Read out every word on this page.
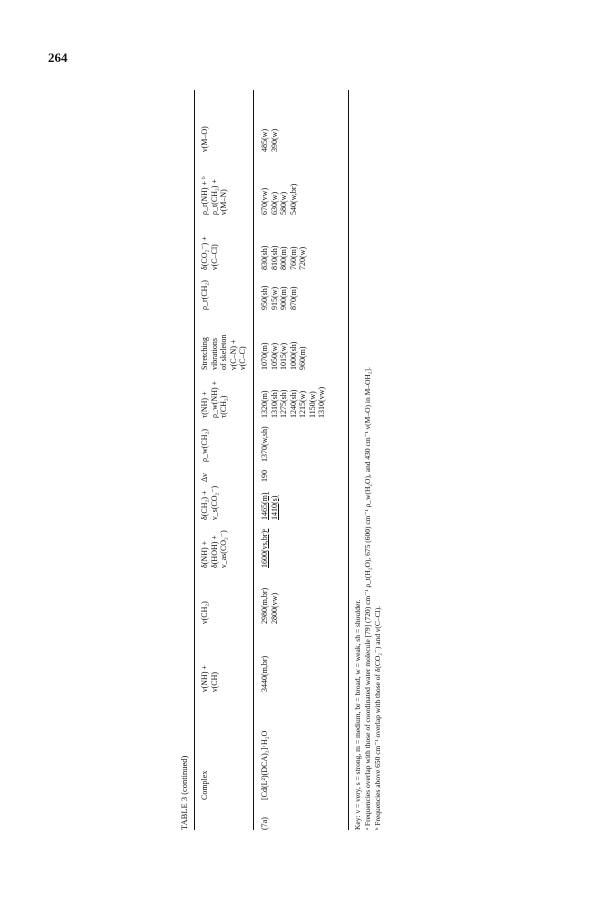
264
TABLE 3 (continued) Complex
ν(NH) + ν(CH)
ν(CH₂)
δ(NH) + δ(HOH) + ν_as(CO₂⁻)
δ(CH₂) + ν_s(CO₂⁻)
Δν
ρ_w(CH₂)
τ(NH) + ρ_w(NH) + τ(CH₂)
Stretching vibrations of skeleton ν(C–N) + ν(C–C)
ρ_r(CH₂)
δ(CO₂⁻) + ν(C–Cl)
ρ_r(NH) + ᵇ ρ_t(CH₂) + ν(M–N)
ν(M–O)
(7a)
[Cd(L²)(DCA)₂]·H₂O
3440(m,br)
2980(m,br) 2800(vw)
1600(vs,br)ᵃ
1465(m) 1410(s)
190
1370(w,sh)
1320(m) 1310(sh) 1275(sh) 1240(sh) 1215(w) 1150(w) 1310(vw)
1070(m) 1050(w) 1015(w) 1000(sh) 960(m)
950(sh) 915(w) 900(m) 870(m)
830(sh) 810(sh) 800(m) 760(m) 720(w)
670(vw) 630(w) 580(w) 540(w,br)
485(w) 390(w)
Key: v = very, s = strong, m = medium, br = broad, w = weak, sh = shoulder. ᵃ Frequencies overlap with those of coordinated water molecule [79] (720) cm⁻¹ ρ_t(H₂O), 675 (600) cm⁻¹ ρ_w(H₂O), and 430 cm⁻¹ ν(M–O) in M–OH₂]. ᵇ Frequencies above 650 cm⁻¹ overlap with those of δ(CO₂⁻) and ν(C–Cl).
